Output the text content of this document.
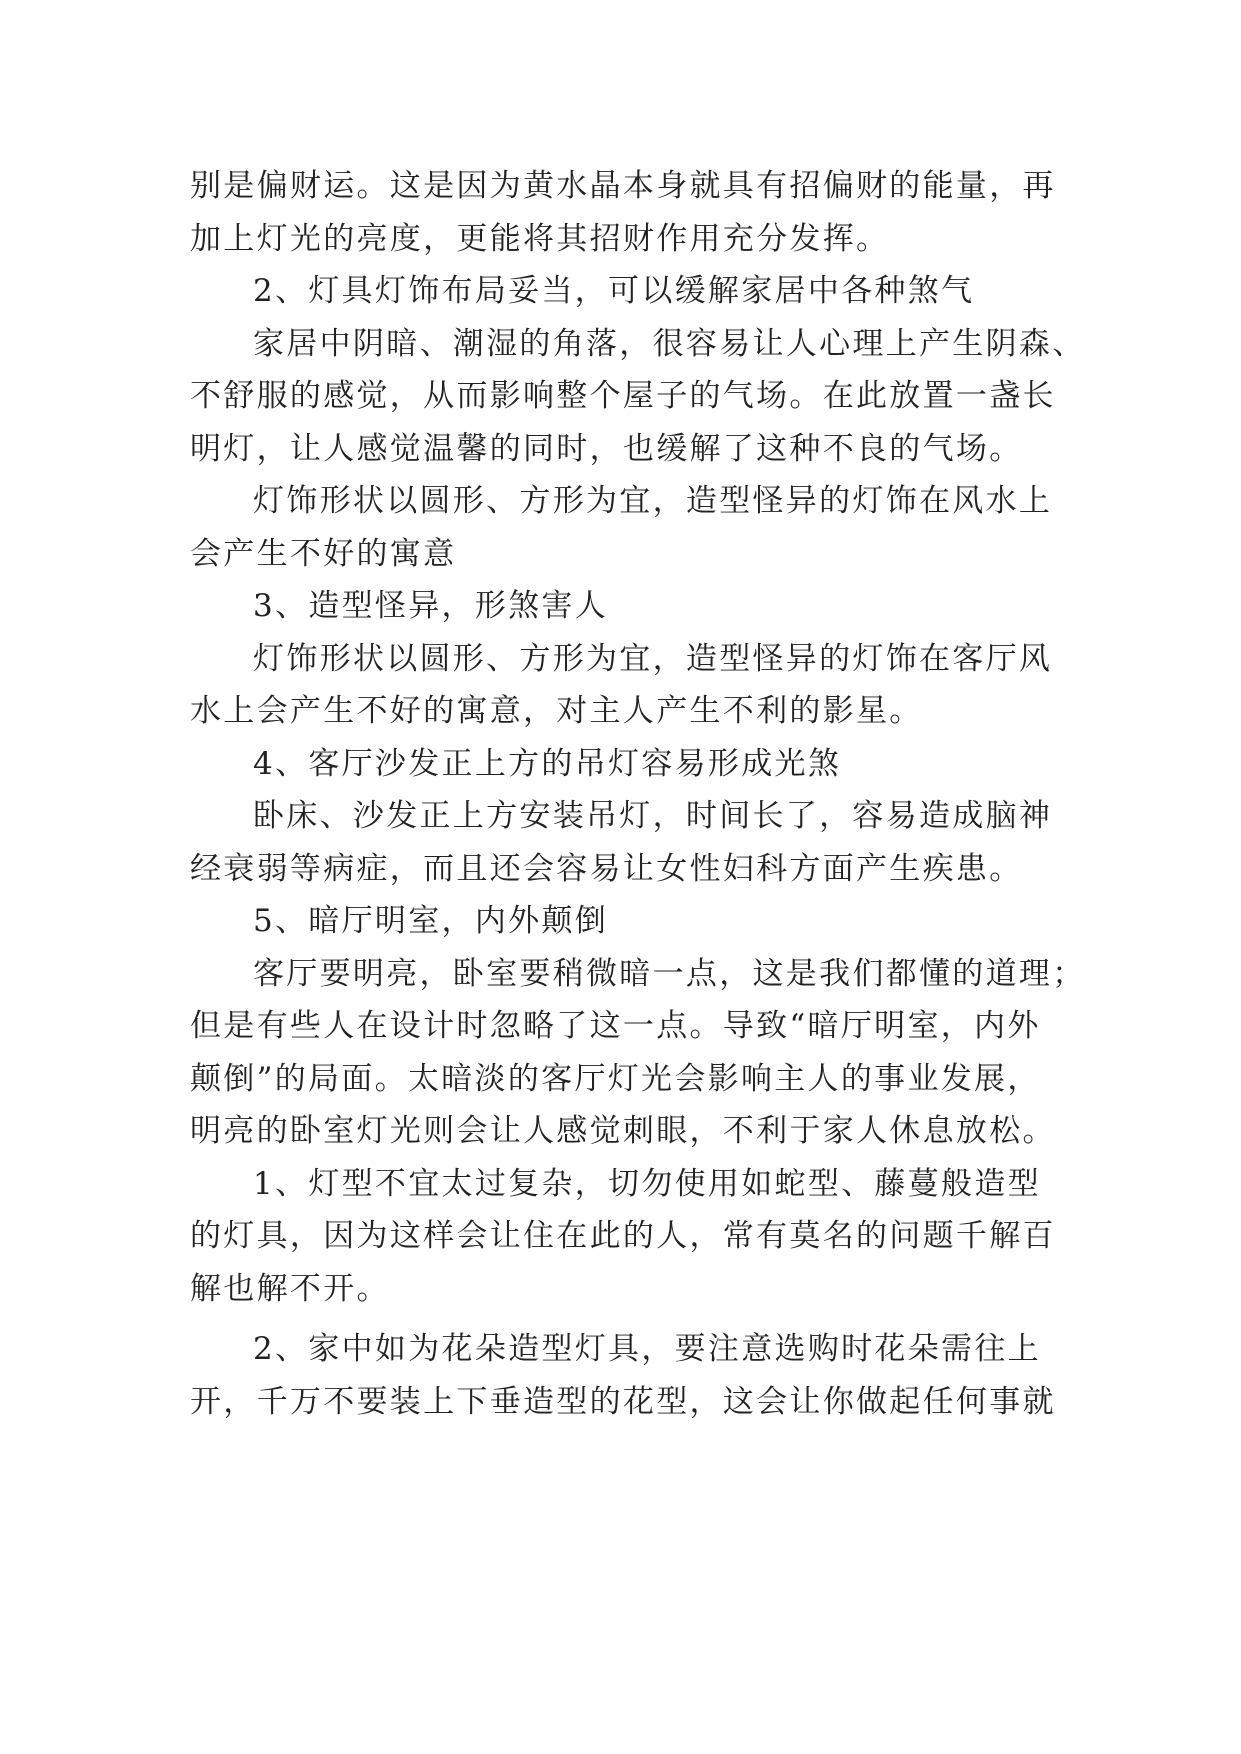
别是偏财运。这是因为黄水晶本身就具有招偏财的能量，再
加上灯光的亮度，更能将其招财作用充分发挥。
2、灯具灯饰布局妥当，可以缓解家居中各种煞气
家居中阴暗、潮湿的角落，很容易让人心理上产生阴森、
不舒服的感觉，从而影响整个屋子的气场。在此放置一盏长
明灯，让人感觉温馨的同时，也缓解了这种不良的气场。
灯饰形状以圆形、方形为宜，造型怪异的灯饰在风水上
会产生不好的寓意
3、造型怪异，形煞害人
灯饰形状以圆形、方形为宜，造型怪异的灯饰在客厅风
水上会产生不好的寓意，对主人产生不利的影星。
4、客厅沙发正上方的吊灯容易形成光煞
卧床、沙发正上方安装吊灯，时间长了，容易造成脑神
经衰弱等病症，而且还会容易让女性妇科方面产生疾患。
5、暗厅明室，内外颠倒
客厅要明亮，卧室要稍微暗一点，这是我们都懂的道理；
但是有些人在设计时忽略了这一点。导致“暗厅明室，内外
颠倒”的局面。太暗淡的客厅灯光会影响主人的事业发展，
明亮的卧室灯光则会让人感觉刺眼，不利于家人休息放松。
1、灯型不宜太过复杂，切勿使用如蛇型、藤蔓般造型
的灯具，因为这样会让住在此的人，常有莫名的问题千解百
解也解不开。
2、家中如为花朵造型灯具，要注意选购时花朵需往上
开，千万不要装上下垂造型的花型，这会让你做起任何事就
